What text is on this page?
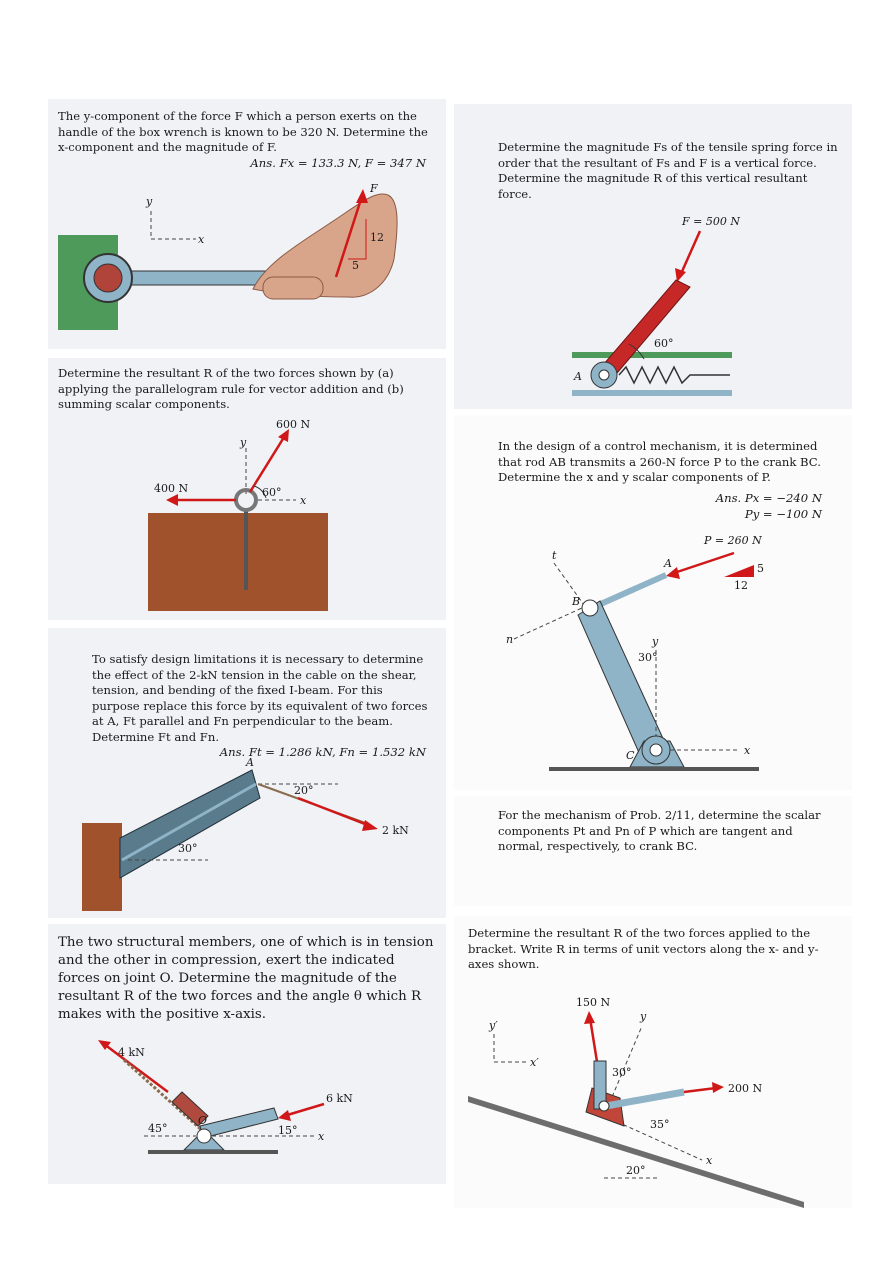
The y-component of the force F which a person exerts on the handle of the box wrench is known to be 320 N. Determine the x-component and the magnitude of F.
Ans. Fx = 133.3 N, F = 347 N
y
x
F
12
5
Determine the magnitude Fs of the tensile spring force in order that the resultant of Fs and F is a vertical force. Determine the magnitude R of this vertical resultant force.
F = 500 N
A
60°
Determine the resultant R of the two forces shown by (a) applying the parallelogram rule for vector addition and (b) summing scalar components.
y
x
600 N
400 N	60°
In the design of a control mechanism, it is determined that rod AB transmits a 260-N force P to the crank BC. Determine the x and y scalar components of P.
Ans. Px = −240 N
Py = −100 N
P = 260 N
5
12
t
n
A
B
y
30°
C	x
To satisfy design limitations it is necessary to determine the effect of the 2-kN tension in the cable on the shear, tension, and bending of the fixed I-beam. For this purpose replace this force by its equivalent of two forces at A, Ft parallel and Fn perpendicular to the beam. Determine Ft and Fn.
Ans. Ft = 1.286 kN, Fn = 1.532 kN
30°
A
20°
2 kN
For the mechanism of Prob. 2/11, determine the scalar components Pt and Pn of P which are tangent and normal, respectively, to crank BC.
The two structural members, one of which is in tension and the other in compression, exert the indicated forces on joint O. Determine the magnitude of the resultant R of the two forces and the angle θ which R makes with the positive x-axis.
4 kN
6 kN
O
x
45°	15°
Determine the resultant R of the two forces applied to the bracket. Write R in terms of unit vectors along the x- and y-axes shown.
150 N
y′
x′
y
x
200 N
30°
35°
20°
